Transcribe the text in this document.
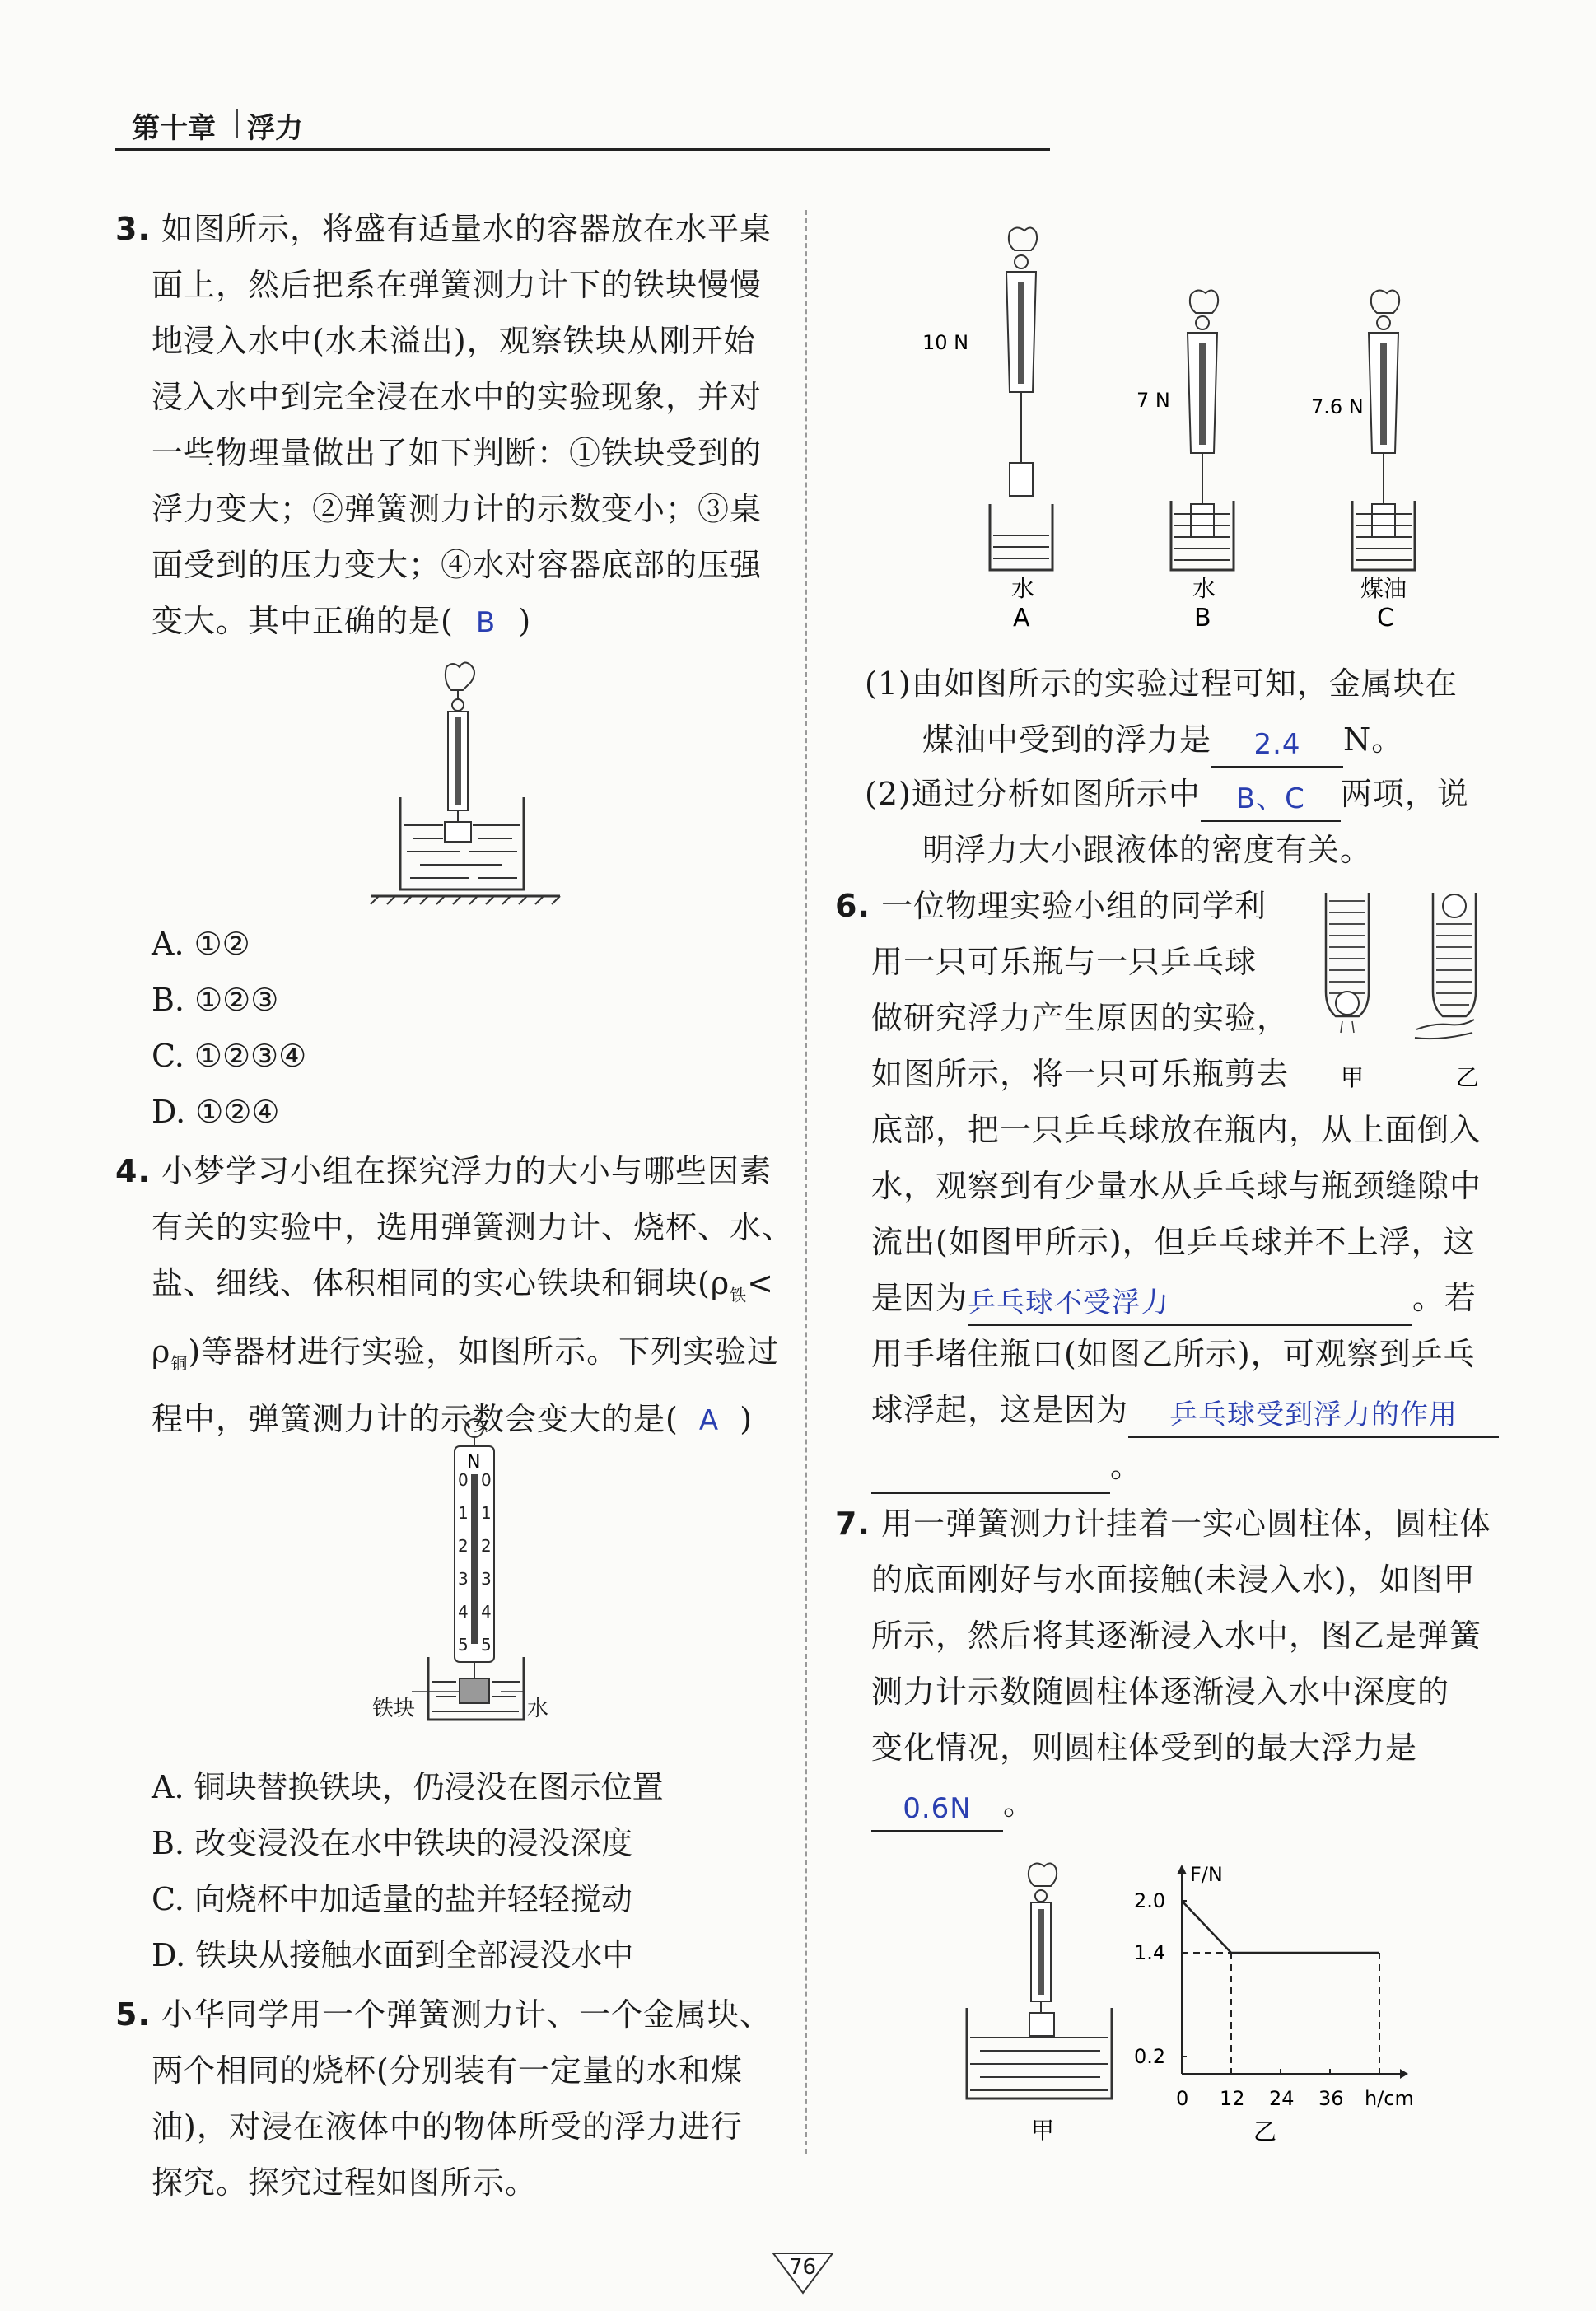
第十章 浮力
3. 如图所示，将盛有适量水的容器放在水平桌
面上，然后把系在弹簧测力计下的铁块慢慢
地浸入水中(水未溢出)，观察铁块从刚开始
浸入水中到完全浸在水中的实验现象，并对
一些物理量做出了如下判断：①铁块受到的
浮力变大；②弹簧测力计的示数变小；③桌
面受到的压力变大；④水对容器底部的压强
变大。其中正确的是( B )
A. ①②
B. ①②③
C. ①②③④
D. ①②④
4. 小梦学习小组在探究浮力的大小与哪些因素
有关的实验中，选用弹簧测力计、烧杯、水、
盐、细线、体积相同的实心铁块和铜块($\rho_铁<$
$\rho_铜$)等器材进行实验，如图所示。下列实验过
程中，弹簧测力计的示数会变大的是( A )
N
0 0
1 1
2 2
3 3
4 4
5 5
铁块	水
A. 铜块替换铁块，仍浸没在图示位置
B. 改变浸没在水中铁块的浸没深度
C. 向烧杯中加适量的盐并轻轻搅动
D. 铁块从接触水面到全部浸没水中
5. 小华同学用一个弹簧测力计、一个金属块、
两个相同的烧杯(分别装有一定量的水和煤
油)，对浸在液体中的物体所受的浮力进行
探究。探究过程如图所示。
10 N
水
A
7 N
水
B
7.6 N
煤油
C
(1)由如图所示的实验过程可知，金属块在
煤油中受到的浮力是 2.4 N。
(2)通过分析如图所示中 B、C 两项，说
明浮力大小跟液体的密度有关。
6. 一位物理实验小组的同学利
用一只可乐瓶与一只乒乓球
做研究浮力产生原因的实验，
如图所示，将一只可乐瓶剪去	甲	乙
底部，把一只乒乓球放在瓶内，从上面倒入
水，观察到有少量水从乒乓球与瓶颈缝隙中
流出(如图甲所示)，但乒乓球并不上浮，这
是因为乒乓球不受浮力	。若
用手堵住瓶口(如图乙所示)，可观察到乒乓
球浮起，这是因为 乒乓球受到浮力的作用
。
7. 用一弹簧测力计挂着一实心圆柱体，圆柱体
的底面刚好与水面接触(未浸入水)，如图甲
所示，然后将其逐渐浸入水中，图乙是弹簧
测力计示数随圆柱体逐渐浸入水中深度的
变化情况，则圆柱体受到的最大浮力是
0.6N 。
甲
F/N
h/cm
0 12 24 36
0.2
1.4
2.0
乙
76
